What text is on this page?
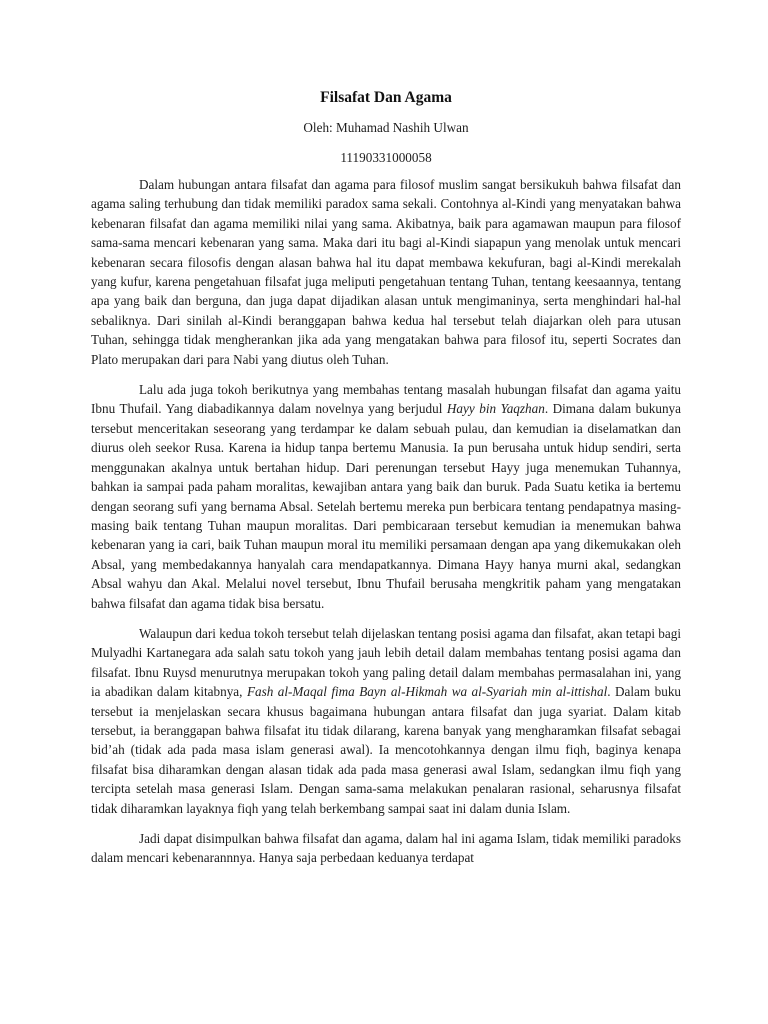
Filsafat Dan Agama

Oleh: Muhamad Nashih Ulwan

11190331000058

Dalam hubungan antara filsafat dan agama para filosof muslim sangat bersikukuh bahwa filsafat dan agama saling terhubung dan tidak memiliki paradox sama sekali. Contohnya al-Kindi yang menyatakan bahwa kebenaran filsafat dan agama memiliki nilai yang sama. Akibatnya, baik para agamawan maupun para filosof sama-sama mencari kebenaran yang sama. Maka dari itu bagi al-Kindi siapapun yang menolak untuk mencari kebenaran secara filosofis dengan alasan bahwa hal itu dapat membawa kekufuran, bagi al-Kindi merekalah yang kufur, karena pengetahuan filsafat juga meliputi pengetahuan tentang Tuhan, tentang keesaannya, tentang apa yang baik dan berguna, dan juga dapat dijadikan alasan untuk mengimaninya, serta menghindari hal-hal sebaliknya. Dari sinilah al-Kindi beranggapan bahwa kedua hal tersebut telah diajarkan oleh para utusan Tuhan, sehingga tidak mengherankan jika ada yang mengatakan bahwa para filosof itu, seperti Socrates dan Plato merupakan dari para Nabi yang diutus oleh Tuhan.

Lalu ada juga tokoh berikutnya yang membahas tentang masalah hubungan filsafat dan agama yaitu Ibnu Thufail. Yang diabadikannya dalam novelnya yang berjudul Hayy bin Yaqzhan. Dimana dalam bukunya tersebut menceritakan seseorang yang terdampar ke dalam sebuah pulau, dan kemudian ia diselamatkan dan diurus oleh seekor Rusa. Karena ia hidup tanpa bertemu Manusia. Ia pun berusaha untuk hidup sendiri, serta menggunakan akalnya untuk bertahan hidup. Dari perenungan tersebut Hayy juga menemukan Tuhannya, bahkan ia sampai pada paham moralitas, kewajiban antara yang baik dan buruk. Pada Suatu ketika ia bertemu dengan seorang sufi yang bernama Absal. Setelah bertemu mereka pun berbicara tentang pendapatnya masing-masing baik tentang Tuhan maupun moralitas. Dari pembicaraan tersebut kemudian ia menemukan bahwa kebenaran yang ia cari, baik Tuhan maupun moral itu memiliki persamaan dengan apa yang dikemukakan oleh Absal, yang membedakannya hanyalah cara mendapatkannya. Dimana Hayy hanya murni akal, sedangkan Absal wahyu dan Akal. Melalui novel tersebut, Ibnu Thufail berusaha mengkritik paham yang mengatakan bahwa filsafat dan agama tidak bisa bersatu.

Walaupun dari kedua tokoh tersebut telah dijelaskan tentang posisi agama dan filsafat, akan tetapi bagi Mulyadhi Kartanegara ada salah satu tokoh yang jauh lebih detail dalam membahas tentang posisi agama dan filsafat. Ibnu Ruysd menurutnya merupakan tokoh yang paling detail dalam membahas permasalahan ini, yang ia abadikan dalam kitabnya, Fash al-Maqal fima Bayn al-Hikmah wa al-Syariah min al-ittishal. Dalam buku tersebut ia menjelaskan secara khusus bagaimana hubungan antara filsafat dan juga syariat. Dalam kitab tersebut, ia beranggapan bahwa filsafat itu tidak dilarang, karena banyak yang mengharamkan filsafat sebagai bid’ah (tidak ada pada masa islam generasi awal). Ia mencotohkannya dengan ilmu fiqh, baginya kenapa filsafat bisa diharamkan dengan alasan tidak ada pada masa generasi awal Islam, sedangkan ilmu fiqh yang tercipta setelah masa generasi Islam. Dengan sama-sama melakukan penalaran rasional, seharusnya filsafat tidak diharamkan layaknya fiqh yang telah berkembang sampai saat ini dalam dunia Islam.

Jadi dapat disimpulkan bahwa filsafat dan agama, dalam hal ini agama Islam, tidak memiliki paradoks dalam mencari kebenarannnya. Hanya saja perbedaan keduanya terdapat
